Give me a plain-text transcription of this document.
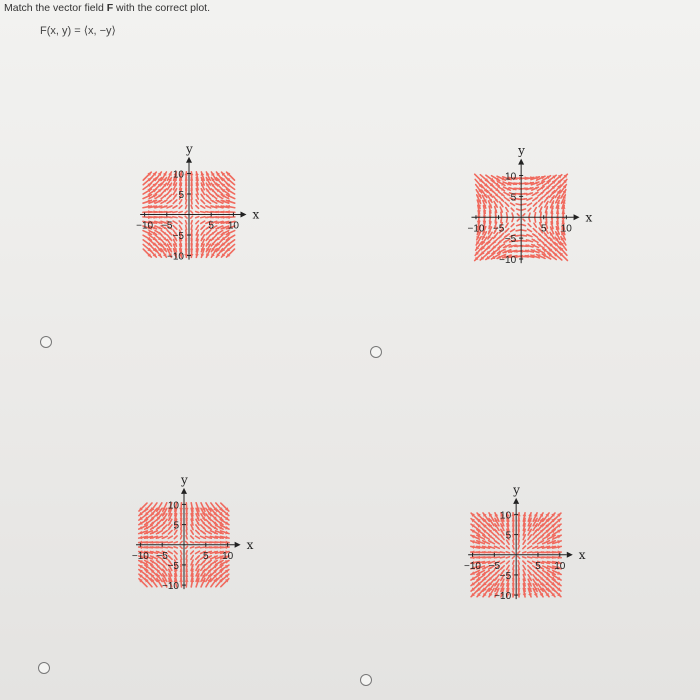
Match the vector field F with the correct plot.
F(x, y) = ⟨x, −y⟩
x
y
−10 −5	5 10
10
5
−5
−10
x
y
−10 −5	5 10
10
5
−5
−10
x
y
−10 −5	5 10
10
5
−5
−10
x
y
−10 −5	5 10
10
5
−5
−10
